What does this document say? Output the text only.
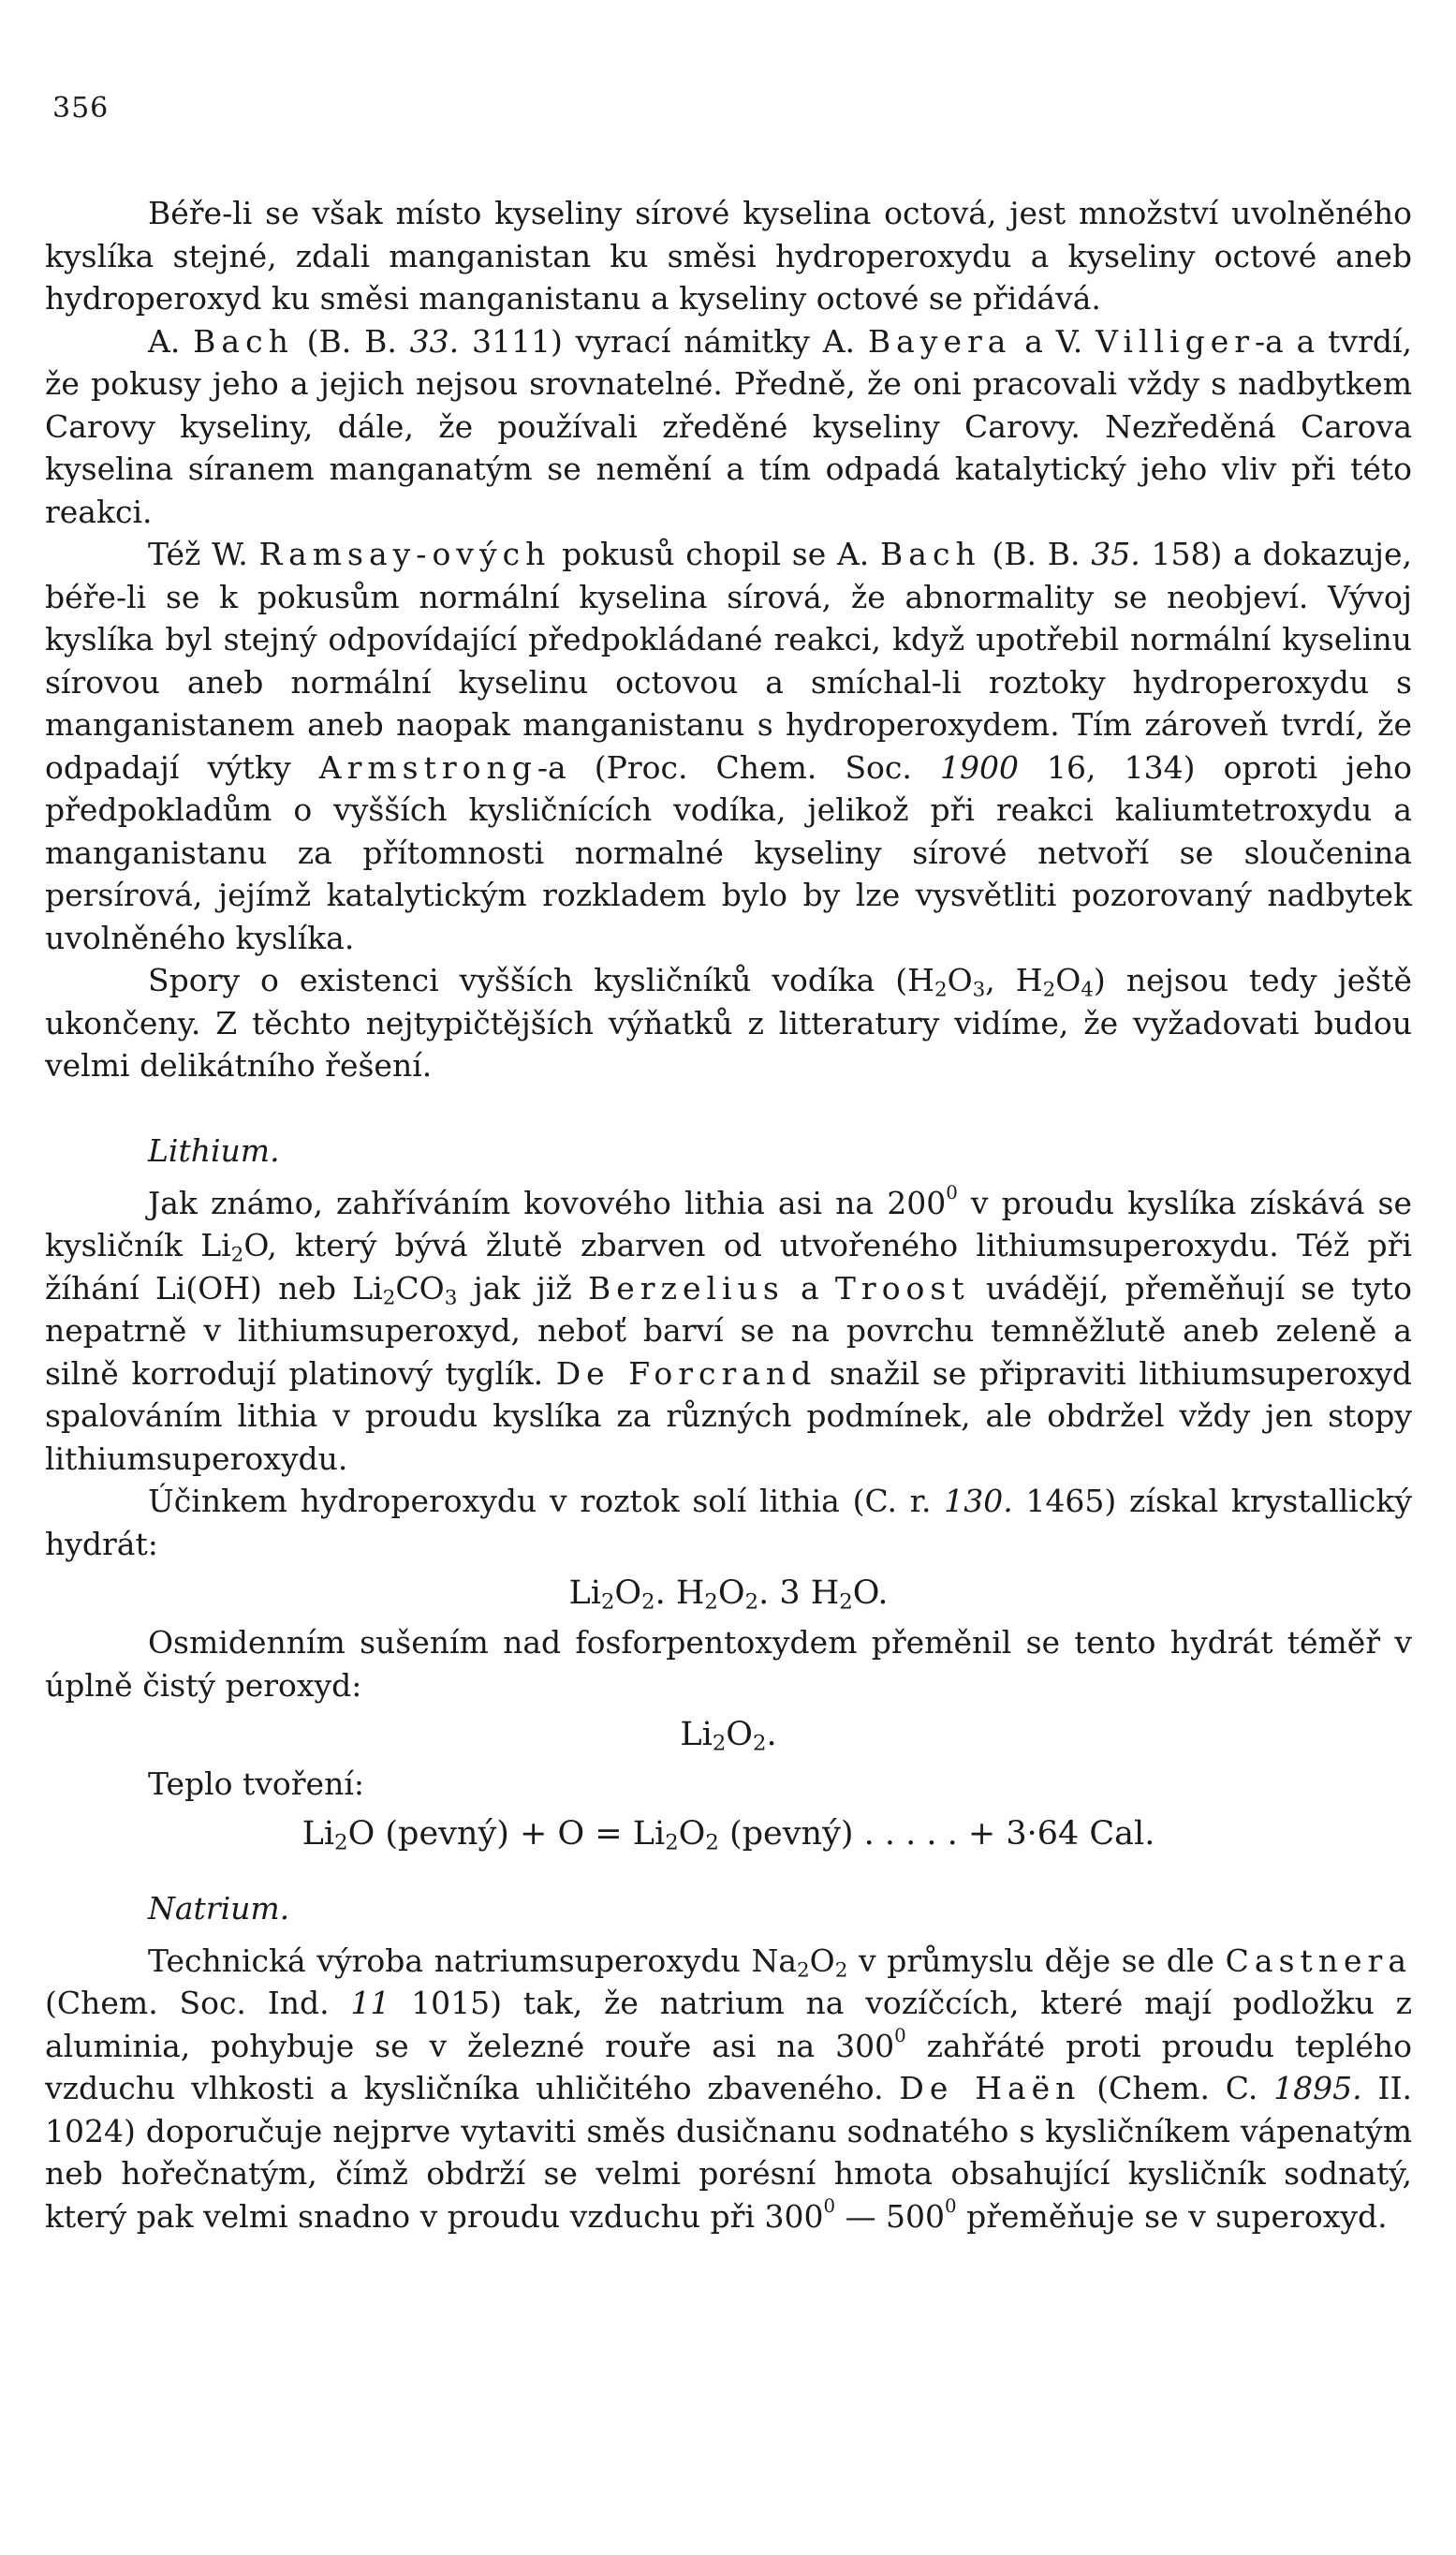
356

Béře-li se však místo kyseliny sírové kyselina octová, jest množství uvolněného kyslíka stejné, zdali manganistan ku směsi hydroperoxydu a kyseliny octové aneb hydroperoxyd ku směsi manganistanu a kyseliny octové se přidává.

A. Bach (B. B. 33. 3111) vyrací námitky A. Bayera a V. Villiger-a a tvrdí, že pokusy jeho a jejich nejsou srovnatelné. Předně, že oni pracovali vždy s nadbytkem Carovy kyseliny, dále, že používali zředěné kyseliny Carovy. Nezředěná Carova kyselina síranem manganatým se nemění a tím odpadá katalytický jeho vliv při této reakci.

Též W. Ramsay-ových pokusů chopil se A. Bach (B. B. 35. 158) a dokazuje, béře-li se k pokusům normální kyselina sírová, že abnormality se neobjeví. Vývoj kyslíka byl stejný odpovídající předpokládané reakci, když upotřebil normální kyselinu sírovou aneb normální kyselinu octovou a smíchal-li roztoky hydroperoxydu s manganistanem aneb naopak manganistanu s hydroperoxydem. Tím zároveň tvrdí, že odpadají výtky Armstrong-a (Proc. Chem. Soc. 1900 16, 134) oproti jeho předpokladům o vyšších kysličnících vodíka, jelikož při reakci kaliumtetroxydu a manganistanu za přítomnosti normalné kyseliny sírové netvoří se sloučenina persírová, jejímž katalytickým rozkladem bylo by lze vysvětliti pozorovaný nadbytek uvolněného kyslíka.

Spory o existenci vyšších kysličníků vodíka ($H_2O_3$, $H_2O_4$) nejsou tedy ještě ukončeny. Z těchto nejtypičtějších výňatků z litteratury vidíme, že vyžadovati budou velmi delikátního řešení.

Lithium.

Jak známo, zahříváním kovového lithia asi na $200^0$ v proudu kyslíka získává se kysličník $Li_2O$, který bývá žlutě zbarven od utvořeného lithiumsuperoxydu. Též při žíhání Li(OH) neb $Li_2CO_3$ jak již Berzelius a Troost uvádějí, přeměňují se tyto nepatrně v lithiumsuperoxyd, neboť barví se na povrchu temněžlutě aneb zeleně a silně korrodují platinový tyglík. De Forcrand snažil se připraviti lithiumsuperoxyd spalováním lithia v proudu kyslíka za různých podmínek, ale obdržel vždy jen stopy lithiumsuperoxydu.

Účinkem hydroperoxydu v roztok solí lithia (C. r. 130. 1465) získal krystallický hydrát:

$Li_2O_2$. $H_2O_2$. 3 $H_2O$.

Osmidenním sušením nad fosforpentoxydem přeměnil se tento hydrát téměř v úplně čistý peroxyd:

$Li_2O_2$.

Teplo tvoření:

$Li_2O$ (pevný) + $O = Li_2O_2$ (pevný) . . . . . + 3·64 Cal.

Natrium.

Technická výroba natriumsuperoxydu $Na_2O_2$ v průmyslu děje se dle Castnera (Chem. Soc. Ind. 11 1015) tak, že natrium na vozíčcích, které mají podložku z aluminia, pohybuje se v železné rouře asi na $300^0$ zahřáté proti proudu teplého vzduchu vlhkosti a kysličníka uhličitého zbaveného. De Haën (Chem. C. 1895. II. 1024) doporučuje nejprve vytaviti směs dusičnanu sodnatého s kysličníkem vápenatým neb hořečnatým, čímž obdrží se velmi porésní hmota obsahující kysličník sodnatý, který pak velmi snadno v proudu vzduchu při $300^0$ — $500^0$ přeměňuje se v superoxyd.
